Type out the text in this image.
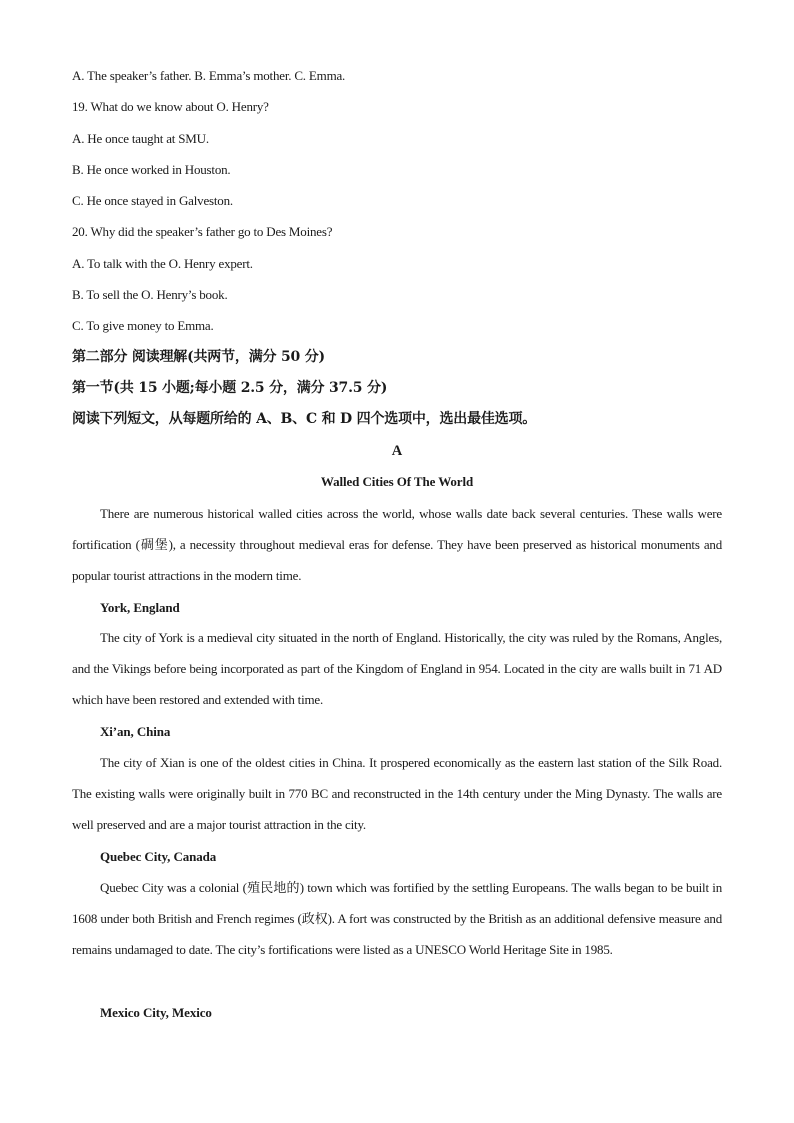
A. The speaker’s father. B. Emma’s mother. C. Emma.
19. What do we know about O. Henry?
A. He once taught at SMU.
B. He once worked in Houston.
C. He once stayed in Galveston.
20. Why did the speaker’s father go to Des Moines?
A. To talk with the O. Henry expert.
B. To sell the O. Henry’s book.
C. To give money to Emma.
第二部分 阅读理解(共两节，满分 50 分)
第一节(共 15 小题;每小题 2.5 分，满分 37.5 分)
阅读下列短文，从每题所给的 A、B、C 和 D 四个选项中，选出最佳选项。
A
Walled Cities Of The World
There are numerous historical walled cities across the world, whose walls date back several centuries. These walls were fortification (碉堡), a necessity throughout medieval eras for defense. They have been preserved as historical monuments and popular tourist attractions in the modern time.
York, England
The city of York is a medieval city situated in the north of England. Historically, the city was ruled by the Romans, Angles, and the Vikings before being incorporated as part of the Kingdom of England in 954. Located in the city are walls built in 71 AD which have been restored and extended with time.
Xi’an, China
The city of Xian is one of the oldest cities in China. It prospered economically as the eastern last station of the Silk Road. The existing walls were originally built in 770 BC and reconstructed in the 14th century under the Ming Dynasty. The walls are well preserved and are a major tourist attraction in the city.
Quebec City, Canada
Quebec City was a colonial (殖民地的) town which was fortified by the settling Europeans. The walls began to be built in 1608 under both British and French regimes (政权). A fort was constructed by the British as an additional defensive measure and remains undamaged to date. The city’s fortifications were listed as a UNESCO World Heritage Site in 1985.
Mexico City, Mexico
